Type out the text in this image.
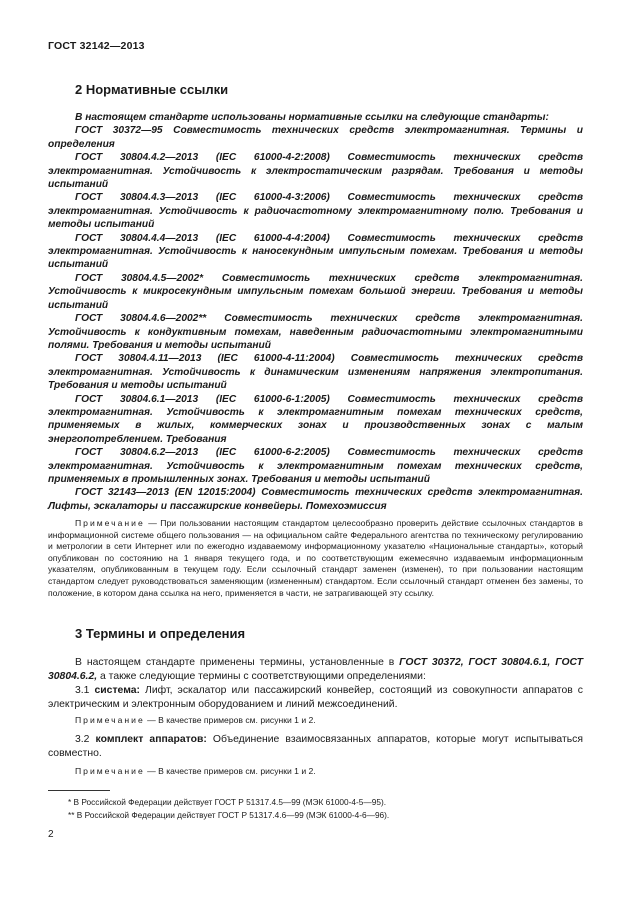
ГОСТ 32142—2013
2 Нормативные ссылки

В настоящем стандарте использованы нормативные ссылки на следующие стандарты:

ГОСТ 30372—95 Совместимость технических средств электромагнитная. Термины и определения

ГОСТ 30804.4.2—2013 (IEC 61000-4-2:2008) Совместимость технических средств электромагнитная. Устойчивость к электростатическим разрядам. Требования и методы испытаний

ГОСТ 30804.4.3—2013 (IEC 61000-4-3:2006) Совместимость технических средств электромагнитная. Устойчивость к радиочастотному электромагнитному полю. Требования и методы испытаний

ГОСТ 30804.4.4—2013 (IEC 61000-4-4:2004) Совместимость технических средств электромагнитная. Устойчивость к наносекундным импульсным помехам. Требования и методы испытаний

ГОСТ 30804.4.5—2002* Совместимость технических средств электромагнитная. Устойчивость к микросекундным импульсным помехам большой энергии. Требования и методы испытаний

ГОСТ 30804.4.6—2002** Совместимость технических средств электромагнитная. Устойчивость к кондуктивным помехам, наведенным радиочастотными электромагнитными полями. Требования и методы испытаний

ГОСТ 30804.4.11—2013 (IEC 61000-4-11:2004) Совместимость технических средств электромагнитная. Устойчивость к динамическим изменениям напряжения электропитания. Требования и методы испытаний

ГОСТ 30804.6.1—2013 (IEC 61000-6-1:2005) Совместимость технических средств электромагнитная. Устойчивость к электромагнитным помехам технических средств, применяемых в жилых, коммерческих зонах и производственных зонах с малым энергопотреблением. Требования

ГОСТ 30804.6.2—2013 (IEC 61000-6-2:2005) Совместимость технических средств электромагнитная. Устойчивость к электромагнитным помехам технических средств, применяемых в промышленных зонах. Требования и методы испытаний

ГОСТ 32143—2013 (EN 12015:2004) Совместимость технических средств электромагнитная. Лифты, эскалаторы и пассажирские конвейеры. Помехоэмиссия

Примечание — При пользовании настоящим стандартом целесообразно проверить действие ссылочных стандартов в информационной системе общего пользования — на официальном сайте Федерального агентства по техническому регулированию и метрологии в сети Интернет или по ежегодно издаваемому информационному указателю «Национальные стандарты», который опубликован по состоянию на 1 января текущего года, и по соответствующим ежемесячно издаваемым информационным указателям, опубликованным в текущем году. Если ссылочный стандарт заменен (изменен), то при пользовании настоящим стандартом следует руководствоваться заменяющим (измененным) стандартом. Если ссылочный стандарт отменен без замены, то положение, в котором дана ссылка на него, применяется в части, не затрагивающей эту ссылку.

3 Термины и определения

В настоящем стандарте применены термины, установленные в ГОСТ 30372, ГОСТ 30804.6.1, ГОСТ 30804.6.2, а также следующие термины с соответствующими определениями:

3.1 система: Лифт, эскалатор или пассажирский конвейер, состоящий из совокупности аппаратов с электрическим и электронным оборудованием и линий межсоединений.

Примечание — В качестве примеров см. рисунки 1 и 2.

3.2 комплект аппаратов: Объединение взаимосвязанных аппаратов, которые могут испытываться совместно.

Примечание — В качестве примеров см. рисунки 1 и 2.
* В Российской Федерации действует ГОСТ Р 51317.4.5—99 (МЭК 61000-4-5—95).
** В Российской Федерации действует ГОСТ Р 51317.4.6—99 (МЭК 61000-4-6—96).
2
